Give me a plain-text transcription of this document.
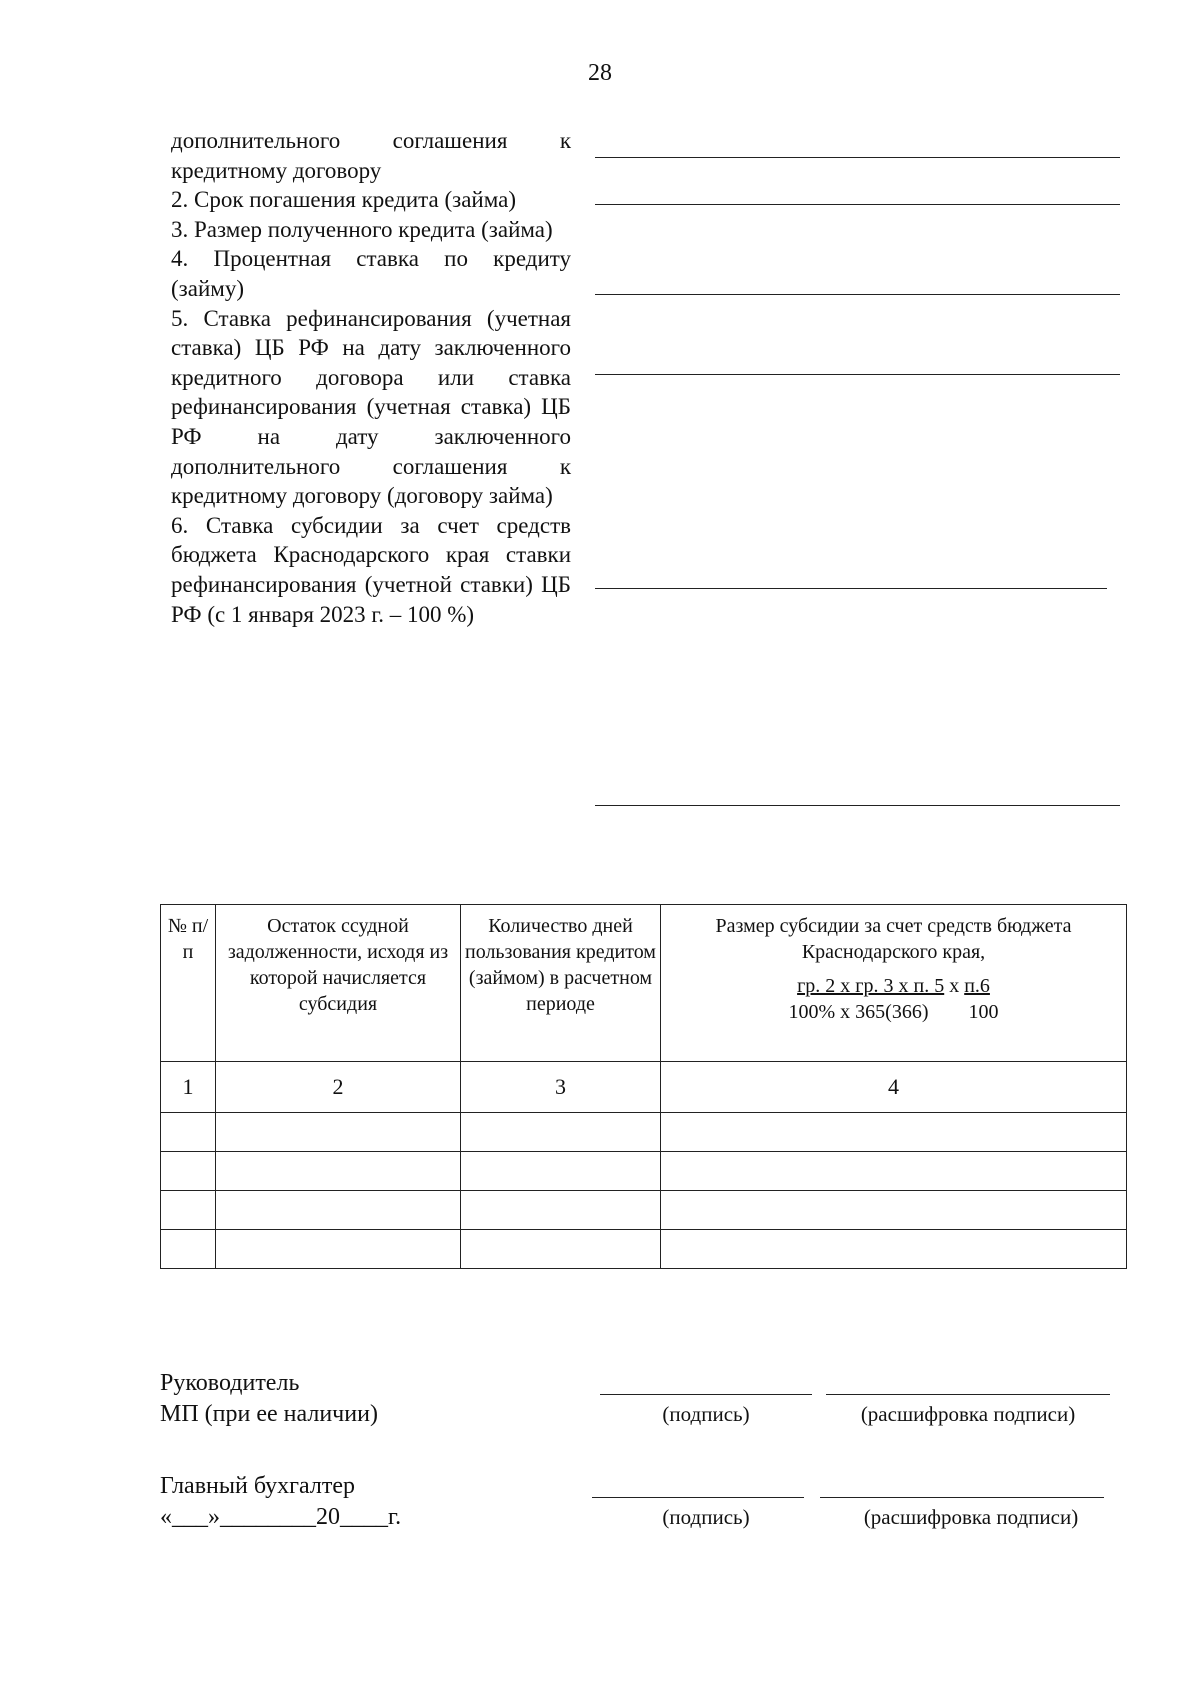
28
дополнительного соглашения к кредитному договору
2. Срок погашения кредита (займа)
3. Размер полученного кредита (займа)
4. Процентная ставка по кредиту (займу)
5. Ставка рефинансирования (учетная ставка) ЦБ РФ на дату заключенного кредитного договора или ставка рефинансирования (учетная ставка) ЦБ РФ на дату заключенного дополнительного соглашения к кредитному договору (договору займа)
6. Ставка субсидии за счет средств бюджета Краснодарского края ставки рефинансирования (учетной ставки) ЦБ РФ (с 1 января 2023 г. – 100 %)
№ п/п	Остаток ссудной задолженности, исходя из которой начисляется субсидия	Количество дней пользования кредитом (займом) в расчетном периоде	Размер субсидии за счет средств бюджета Краснодарского края,
гр. 2 х гр. 3 х п. 5 х п.6
100% х 365(366) 100

1	2	3	4

Руководитель
МП (при ее наличии)	(подпись)	(расшифровка подписи)
Главный бухгалтер
«___»________20____г.	(подпись)	(расшифровка подписи)
